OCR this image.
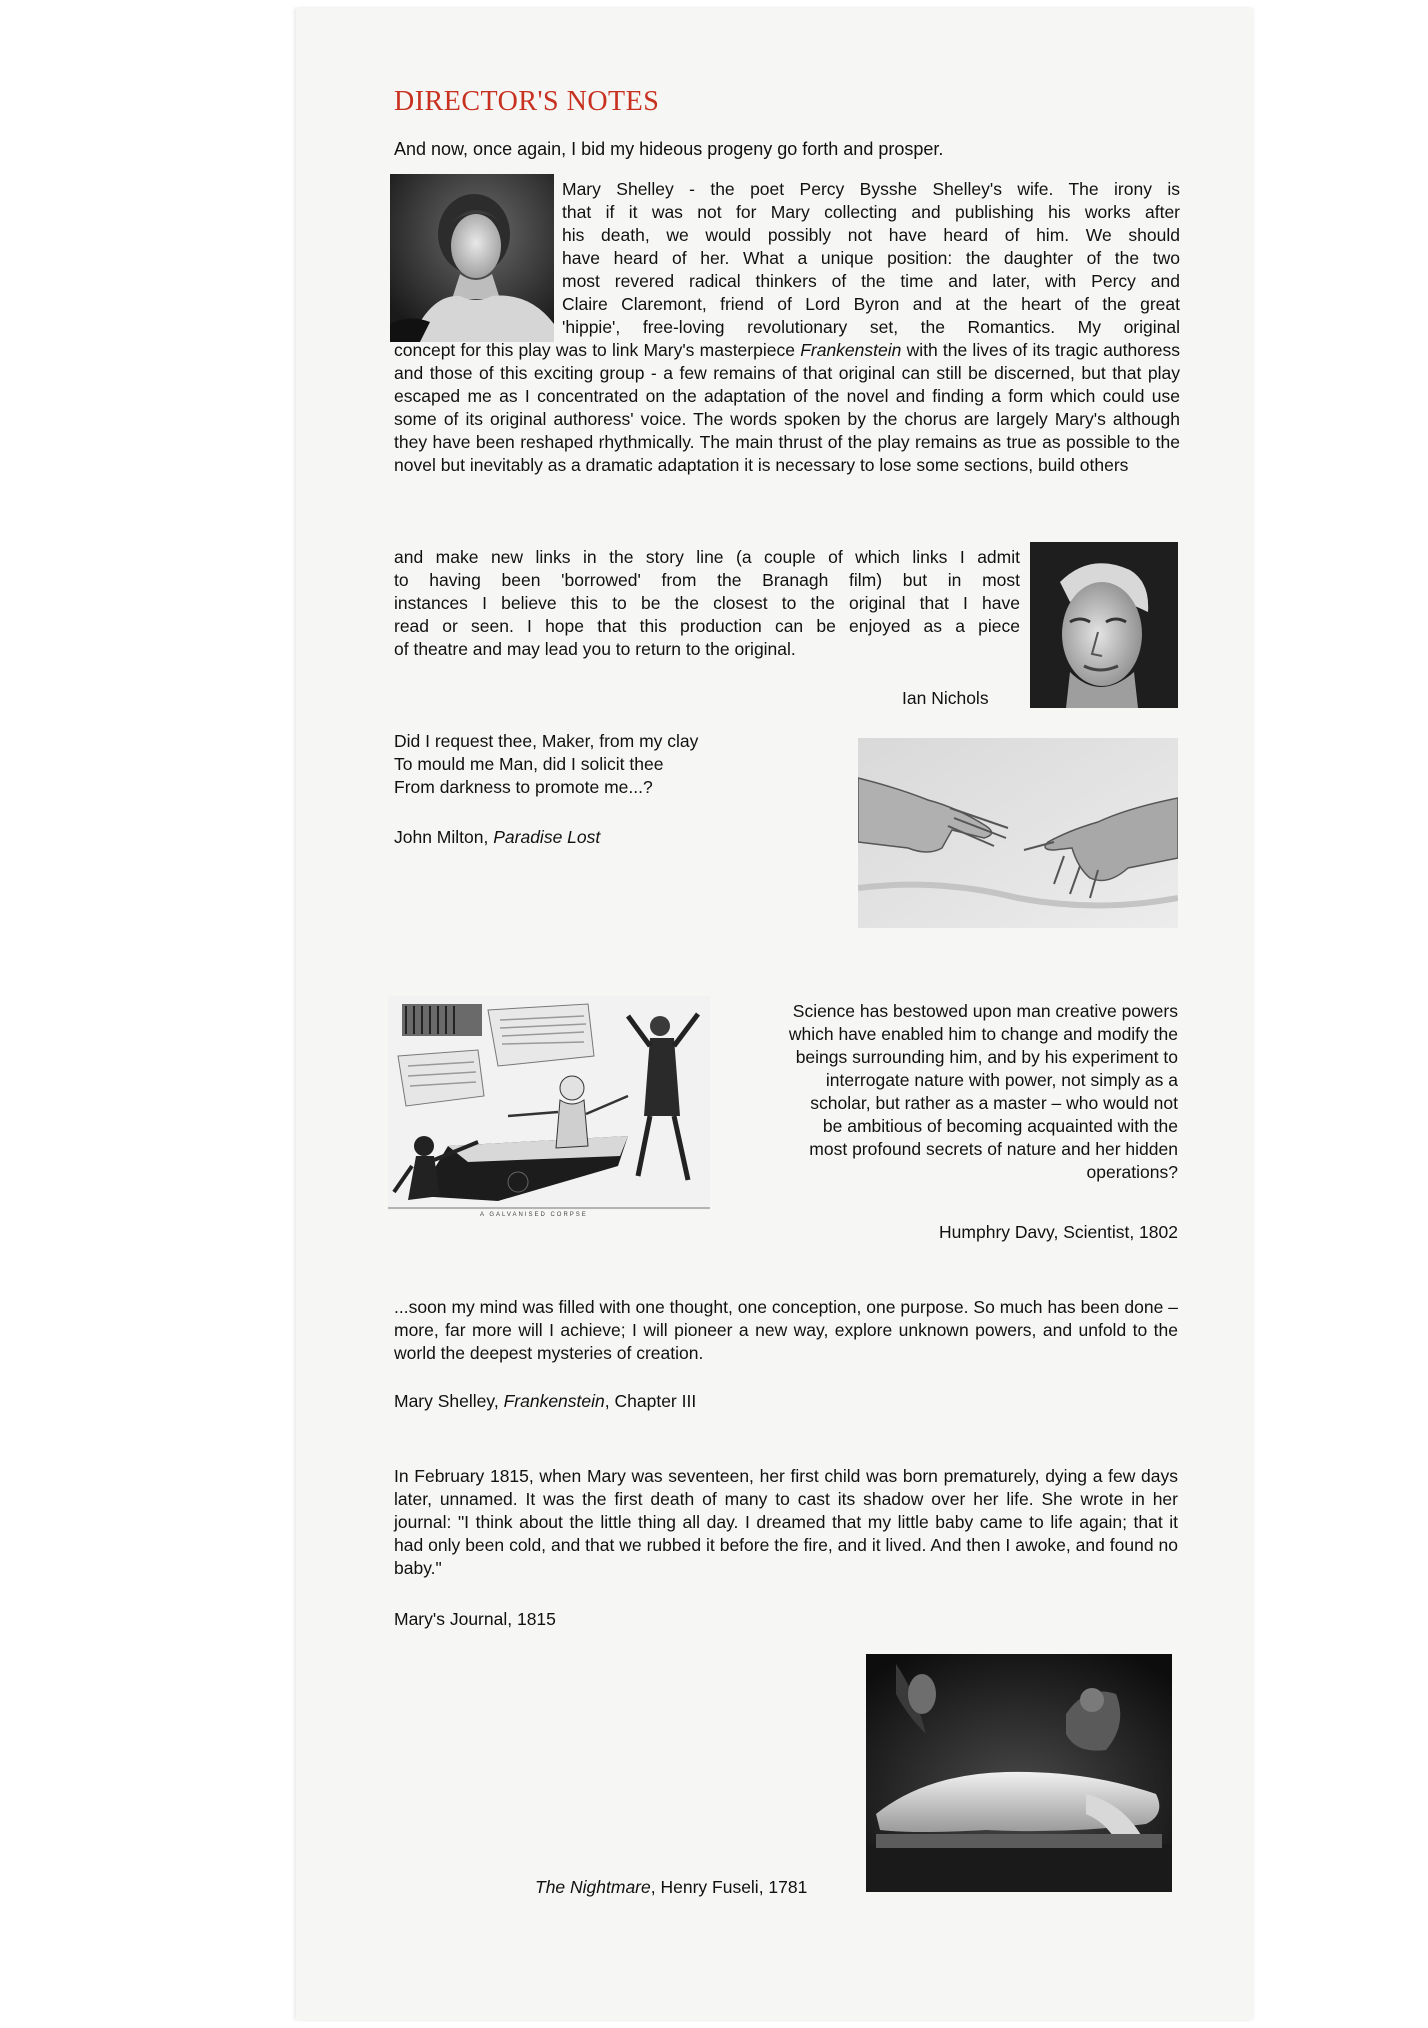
DIRECTOR'S NOTES
And now, once again, I bid my hideous progeny go forth and prosper.
Mary Shelley - the poet Percy Bysshe Shelley's wife. The irony is
that if it was not for Mary collecting and publishing his works after
his death, we would possibly not have heard of him. We should
have heard of her. What a unique position: the daughter of the two
most revered radical thinkers of the time and later, with Percy and
Claire Claremont, friend of Lord Byron and at the heart of the great
'hippie', free-loving revolutionary set, the Romantics. My original
concept for this play was to link Mary's masterpiece Frankenstein with the lives of its tragic authoress and those of this exciting group - a few remains of that original can still be discerned, but that play escaped me as I concentrated on the adaptation of the novel and finding a form which could use some of its original authoress' voice. The words spoken by the chorus are largely Mary's although they have been reshaped rhythmically. The main thrust of the play remains as true as possible to the novel but inevitably as a dramatic adaptation it is necessary to lose some sections, build others
and make new links in the story line (a couple of which links I admit
to having been 'borrowed' from the Branagh film) but in most
instances I believe this to be the closest to the original that I have
read or seen. I hope that this production can be enjoyed as a piece
of theatre and may lead you to return to the original.
Ian Nichols
Did I request thee, Maker, from my clay
To mould me Man, did I solicit thee
From darkness to promote me...?
John Milton, Paradise Lost
A GALVANISED CORPSE
Science has bestowed upon man creative powers
which have enabled him to change and modify the
beings surrounding him, and by his experiment to
interrogate nature with power, not simply as a
scholar, but rather as a master – who would not
be ambitious of becoming acquainted with the
most profound secrets of nature and her hidden
operations?
Humphry Davy, Scientist, 1802
...soon my mind was filled with one thought, one conception, one purpose. So much has been done – more, far more will I achieve; I will pioneer a new way, explore unknown powers, and unfold to the world the deepest mysteries of creation.
Mary Shelley, Frankenstein, Chapter III
In February 1815, when Mary was seventeen, her first child was born prematurely, dying a few days later, unnamed. It was the first death of many to cast its shadow over her life. She wrote in her journal: "I think about the little thing all day. I dreamed that my little baby came to life again; that it had only been cold, and that we rubbed it before the fire, and it lived. And then I awoke, and found no baby."
Mary's Journal, 1815
The Nightmare, Henry Fuseli, 1781
